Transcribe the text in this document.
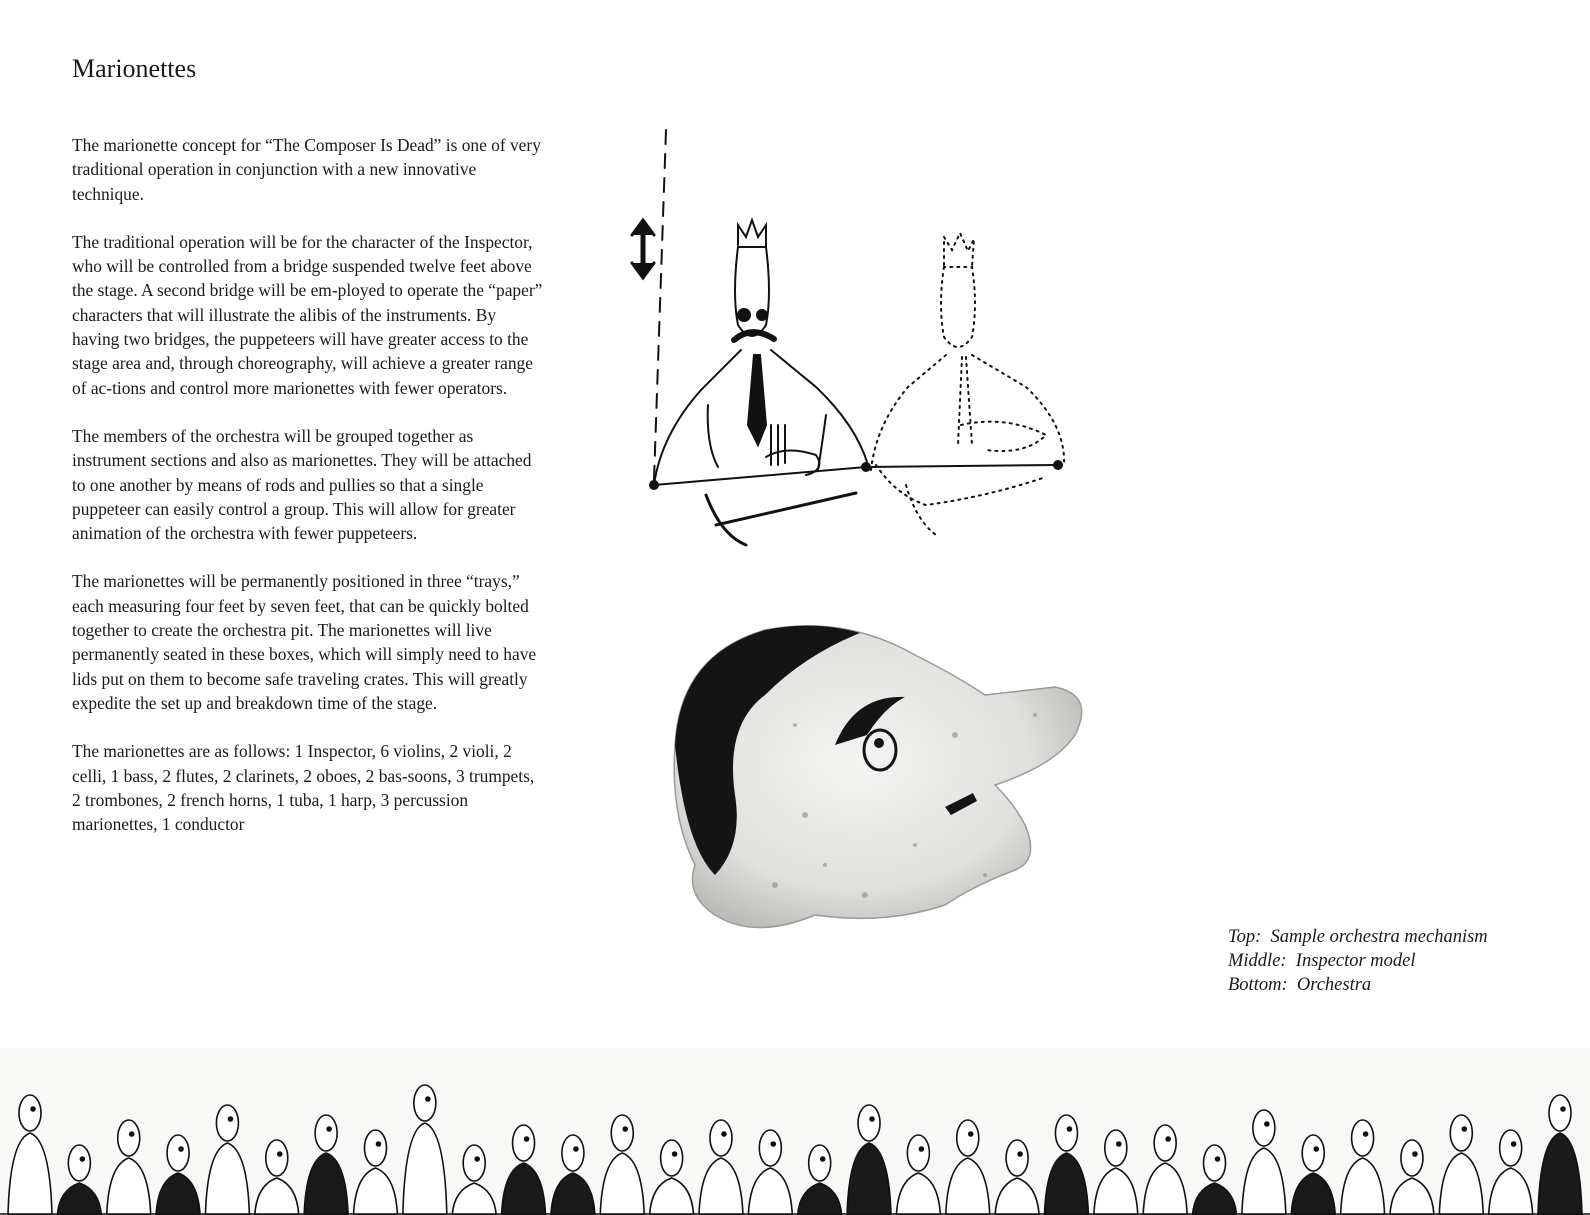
Marionettes

The marionette concept for “The Composer Is Dead” is one of very traditional operation in conjunction with a new innovative technique.

The traditional operation will be for the character of the Inspector, who will be controlled from a bridge suspended twelve feet above the stage. A second bridge will be em-ployed to operate the “paper” characters that will illustrate the alibis of the instruments. By having two bridges, the puppeteers will have greater access to the stage area and, through choreography, will achieve a greater range of ac-tions and control more marionettes with fewer operators.

The members of the orchestra will be grouped together as instrument sections and also as marionettes. They will be attached to one another by means of rods and pullies so that a single puppeteer can easily control a group. This will allow for greater animation of the orchestra with fewer puppeteers.

The marionettes will be permanently positioned in three “trays,” each measuring four feet by seven feet, that can be quickly bolted together to create the orchestra pit. The marionettes will live permanently seated in these boxes, which will simply need to have lids put on them to become safe traveling crates. This will greatly expedite the set up and breakdown time of the stage.

The marionettes are as follows: 1 Inspector, 6 violins, 2 violi, 2 celli, 1 bass, 2 flutes, 2 clarinets, 2 oboes, 2 bas-soons, 3 trumpets, 2 trombones, 2 french horns, 1 tuba, 1 harp, 3 percussion marionettes, 1 conductor

Top:  Sample orchestra mechanism
Middle:  Inspector model
Bottom:  Orchestra
